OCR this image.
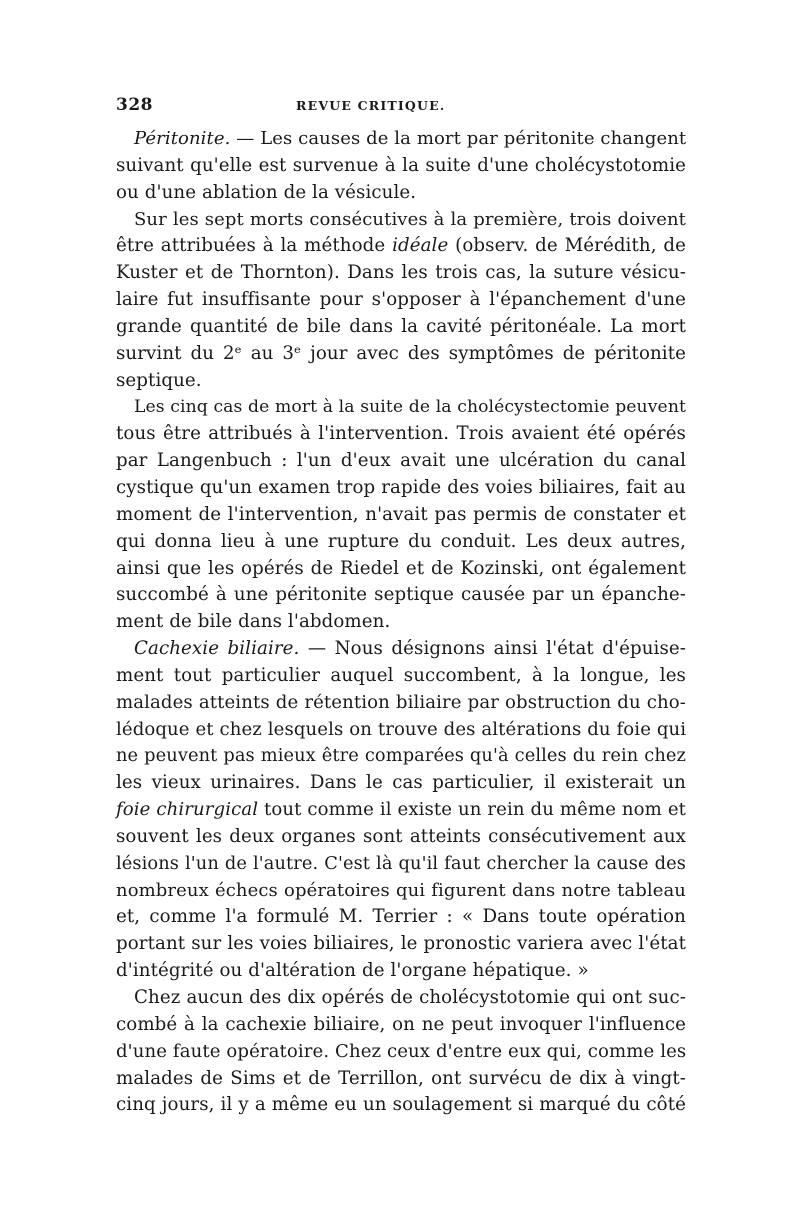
328	REVUE CRITIQUE.
Péritonite. — Les causes de la mort par péritonite changent
suivant qu'elle est survenue à la suite d'une cholécystotomie
ou d'une ablation de la vésicule.
Sur les sept morts consécutives à la première, trois doivent
être attribuées à la méthode idéale (observ. de Mérédith, de
Kuster et de Thornton). Dans les trois cas, la suture vésicu-
laire fut insuffisante pour s'opposer à l'épanchement d'une
grande quantité de bile dans la cavité péritonéale. La mort
survint du 2ᵉ au 3ᵉ jour avec des symptômes de péritonite
septique.
Les cinq cas de mort à la suite de la cholécystectomie peuvent
tous être attribués à l'intervention. Trois avaient été opérés
par Langenbuch : l'un d'eux avait une ulcération du canal
cystique qu'un examen trop rapide des voies biliaires, fait au
moment de l'intervention, n'avait pas permis de constater et
qui donna lieu à une rupture du conduit. Les deux autres,
ainsi que les opérés de Riedel et de Kozinski, ont également
succombé à une péritonite septique causée par un épanche-
ment de bile dans l'abdomen.
Cachexie biliaire. — Nous désignons ainsi l'état d'épuise-
ment tout particulier auquel succombent, à la longue, les
malades atteints de rétention biliaire par obstruction du cho-
lédoque et chez lesquels on trouve des altérations du foie qui
ne peuvent pas mieux être comparées qu'à celles du rein chez
les vieux urinaires. Dans le cas particulier, il existerait un
foie chirurgical tout comme il existe un rein du même nom et
souvent les deux organes sont atteints consécutivement aux
lésions l'un de l'autre. C'est là qu'il faut chercher la cause des
nombreux échecs opératoires qui figurent dans notre tableau
et, comme l'a formulé M. Terrier : « Dans toute opération
portant sur les voies biliaires, le pronostic variera avec l'état
d'intégrité ou d'altération de l'organe hépatique. »
Chez aucun des dix opérés de cholécystotomie qui ont suc-
combé à la cachexie biliaire, on ne peut invoquer l'influence
d'une faute opératoire. Chez ceux d'entre eux qui, comme les
malades de Sims et de Terrillon, ont survécu de dix à vingt-
cinq jours, il y a même eu un soulagement si marqué du côté
